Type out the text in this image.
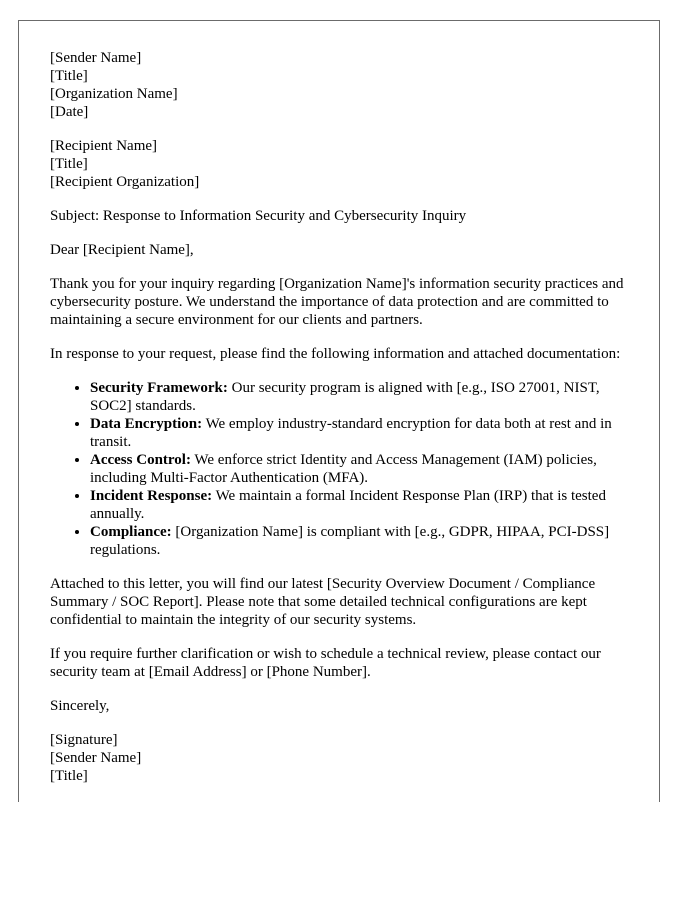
[Sender Name]
[Title]
[Organization Name]
[Date]
[Recipient Name]
[Title]
[Recipient Organization]

Subject: Response to Information Security and Cybersecurity Inquiry

Dear [Recipient Name],

Thank you for your inquiry regarding [Organization Name]'s information security practices and cybersecurity posture. We understand the importance of data protection and are committed to maintaining a secure environment for our clients and partners.

In response to your request, please find the following information and attached documentation:

• Security Framework: Our security program is aligned with [e.g., ISO 27001, NIST, SOC2] standards.
• Data Encryption: We employ industry-standard encryption for data both at rest and in transit.
• Access Control: We enforce strict Identity and Access Management (IAM) policies, including Multi-Factor Authentication (MFA).
• Incident Response: We maintain a formal Incident Response Plan (IRP) that is tested annually.
• Compliance: [Organization Name] is compliant with [e.g., GDPR, HIPAA, PCI-DSS] regulations.

Attached to this letter, you will find our latest [Security Overview Document / Compliance Summary / SOC Report]. Please note that some detailed technical configurations are kept confidential to maintain the integrity of our security systems.

If you require further clarification or wish to schedule a technical review, please contact our security team at [Email Address] or [Phone Number].

Sincerely,

[Signature]
[Sender Name]
[Title]
